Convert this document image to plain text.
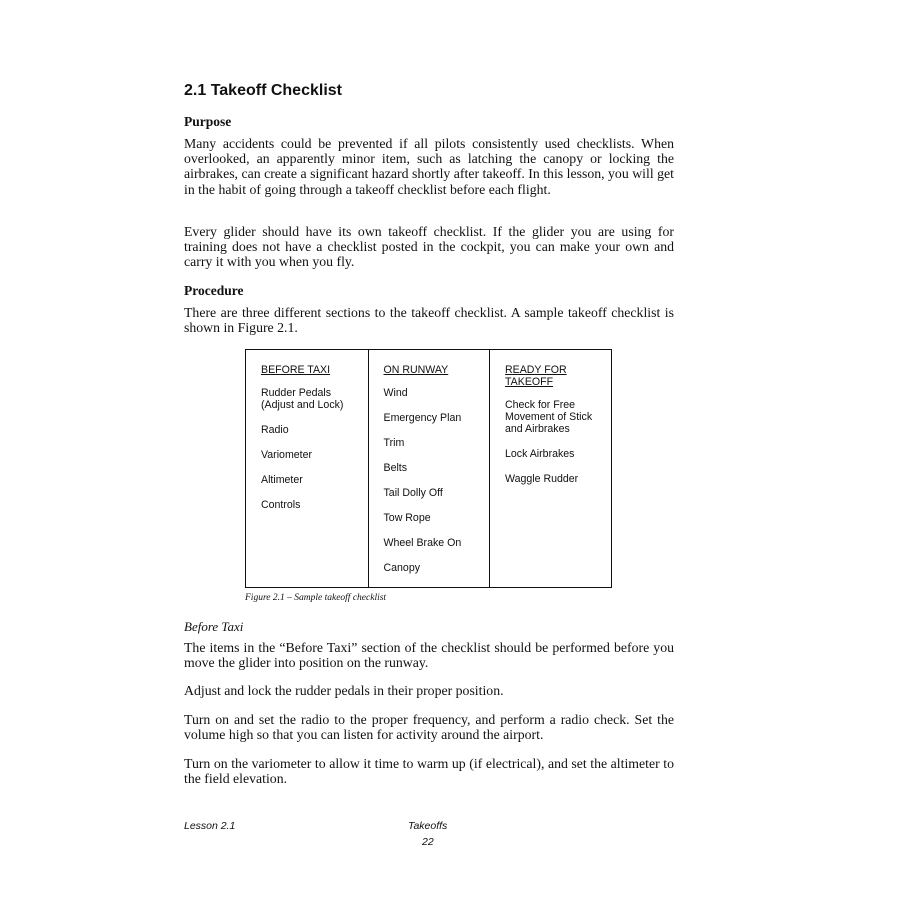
2.1 Takeoff Checklist
Purpose

Many accidents could be prevented if all pilots consistently used checklists. When overlooked, an apparently minor item, such as latching the canopy or locking the airbrakes, can create a significant hazard shortly after takeoff. In this lesson, you will get in the habit of going through a takeoff checklist before each flight.

Every glider should have its own takeoff checklist. If the glider you are using for training does not have a checklist posted in the cockpit, you can make your own and carry it with you when you fly.

Procedure

There are three different sections to the takeoff checklist. A sample takeoff checklist is shown in Figure 2.1.

BEFORE TAXI
Rudder Pedals (Adjust and Lock)
Radio
Variometer
Altimeter
Controls
ON RUNWAY
Wind
Emergency Plan
Trim
Belts
Tail Dolly Off
Tow Rope
Wheel Brake On
Canopy
READY FOR TAKEOFF
Check for Free Movement of Stick and Airbrakes
Lock Airbrakes
Waggle Rudder
Figure 2.1 – Sample takeoff checklist
Before Taxi

The items in the “Before Taxi” section of the checklist should be performed before you move the glider into position on the runway.

Adjust and lock the rudder pedals in their proper position.

Turn on and set the radio to the proper frequency, and perform a radio check. Set the volume high so that you can listen for activity around the airport.

Turn on the variometer to allow it time to warm up (if electrical), and set the altimeter to the field elevation.

Lesson 2.1	Takeoffs
22
